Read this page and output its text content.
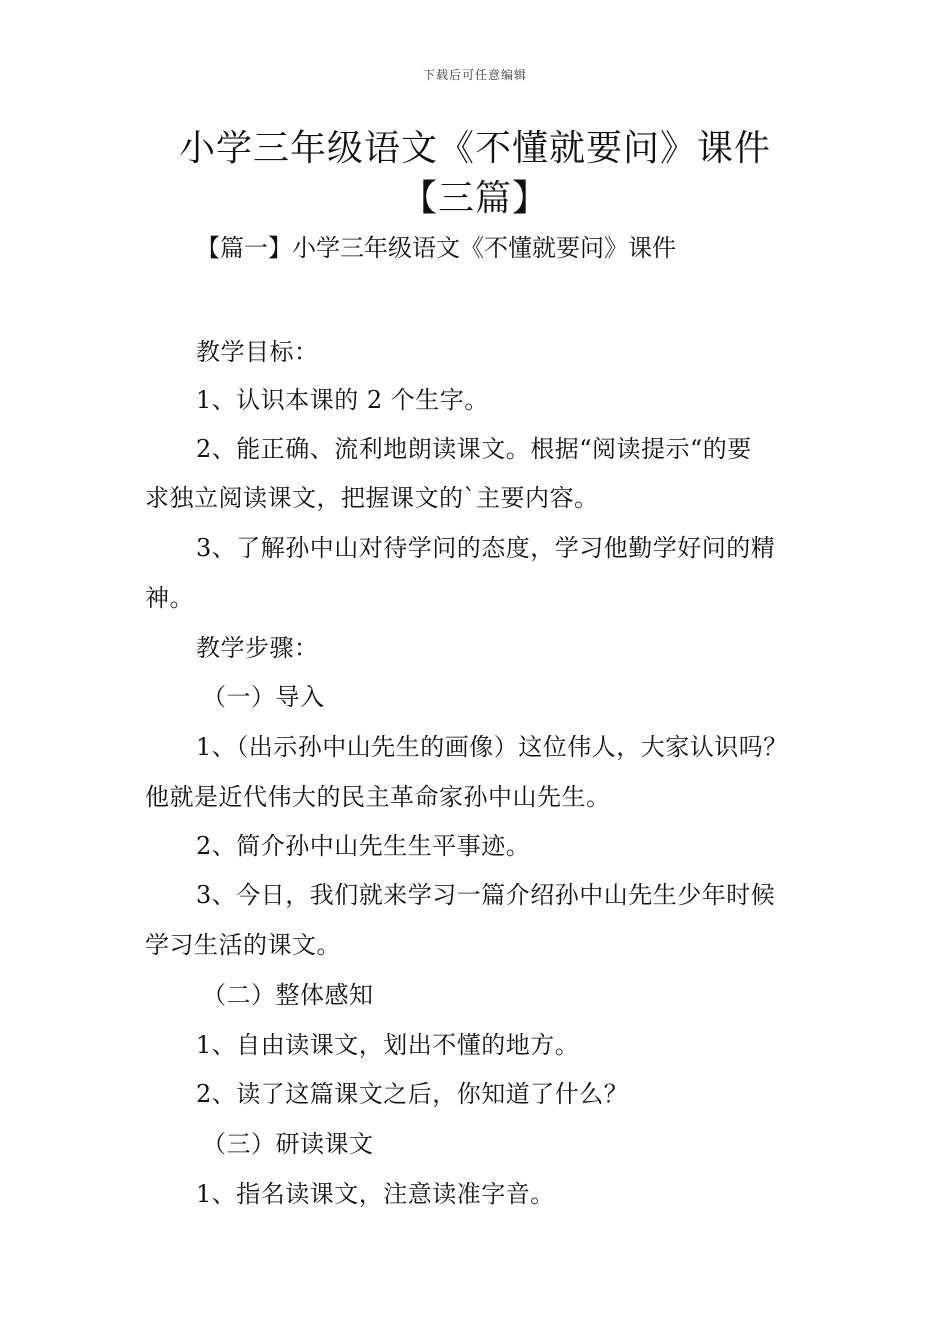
下载后可任意编辑
小学三年级语文《不懂就要问》课件【三篇】
【篇一】小学三年级语文《不懂就要问》课件
教学目标：
1、认识本课的 2 个生字。
2、能正确、流利地朗读课文。根据“阅读提示“的要
求独立阅读课文，把握课文的`主要内容。
3、了解孙中山对待学问的态度，学习他勤学好问的精
神。
教学步骤：
（一）导入
1、（出示孙中山先生的画像）这位伟人，大家认识吗？
他就是近代伟大的民主革命家孙中山先生。
2、简介孙中山先生生平事迹。
3、今日，我们就来学习一篇介绍孙中山先生少年时候
学习生活的课文。
（二）整体感知
1、自由读课文，划出不懂的地方。
2、读了这篇课文之后，你知道了什么？
（三）研读课文
1、指名读课文，注意读准字音。
